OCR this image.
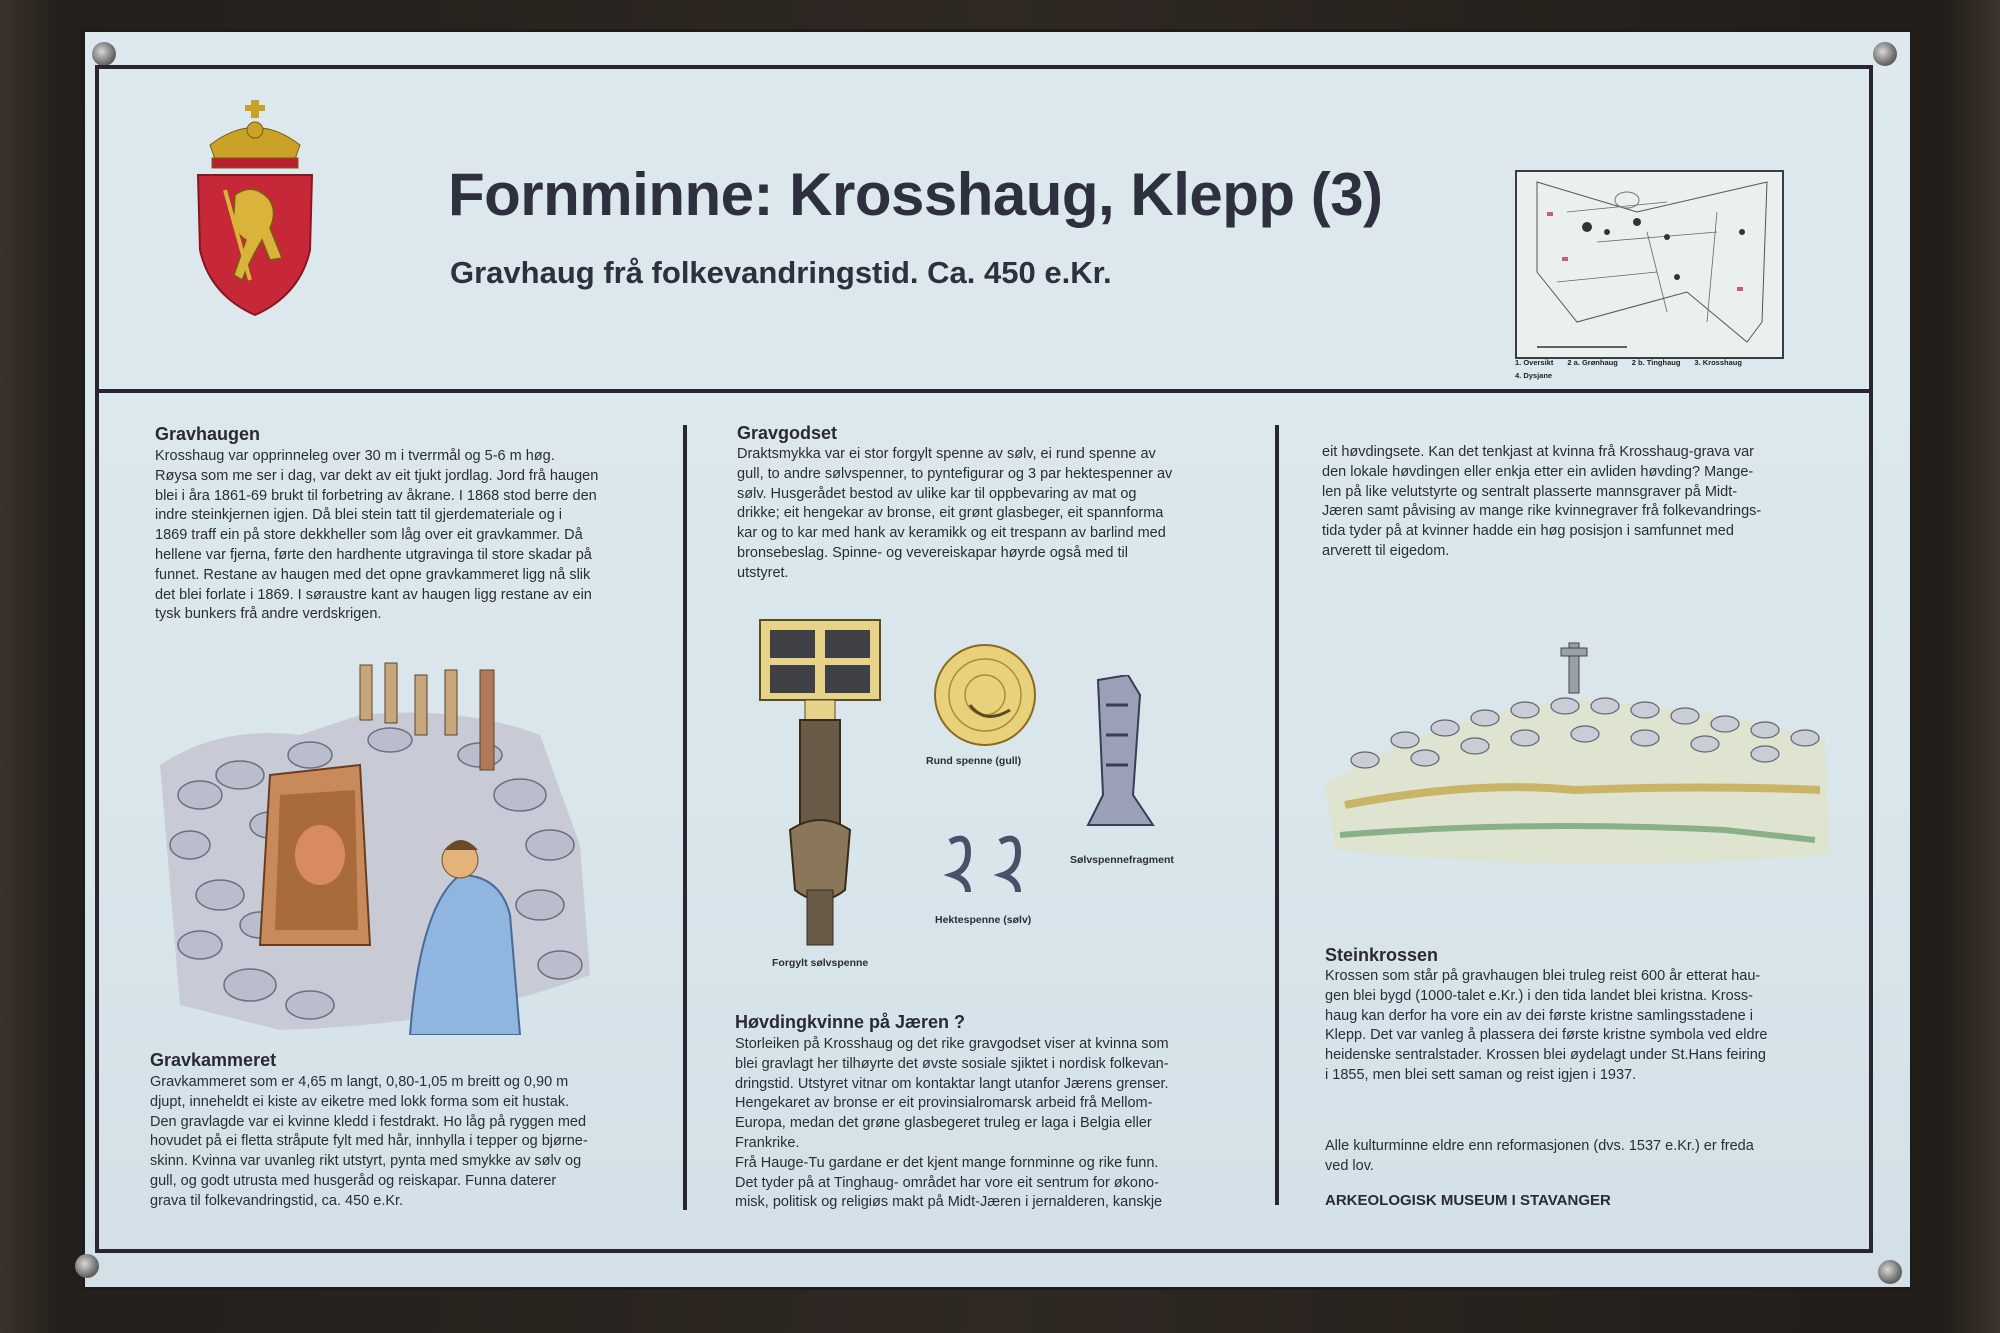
Fornminne: Krosshaug, Klepp (3)
Gravhaug frå folkevandringstid. Ca. 450 e.Kr.
1. Oversikt 2 a. Grønhaug 2 b. Tinghaug 3. Krosshaug
4. Dysjane
Gravhaugen
Krosshaug var opprinneleg over 30 m i tverrmål og 5-6 m høg.
Røysa som me ser i dag, var dekt av eit tjukt jordlag. Jord frå haugen
blei i åra 1861-69 brukt til forbetring av åkrane. I 1868 stod berre den
indre steinkjernen igjen. Då blei stein tatt til gjerdemateriale og i
1869 traff ein på store dekkheller som låg over eit gravkammer. Då
hellene var fjerna, førte den hardhente utgravinga til store skadar på
funnet. Restane av haugen med det opne gravkammeret ligg nå slik
det blei forlate i 1869. I søraustre kant av haugen ligg restane av ein
tysk bunkers frå andre verdskrigen.
Gravkammeret
Gravkammeret som er 4,65 m langt, 0,80-1,05 m breitt og 0,90 m
djupt, inneheldt ei kiste av eiketre med lokk forma som eit hustak.
Den gravlagde var ei kvinne kledd i festdrakt. Ho låg på ryggen med
hovudet på ei fletta stråpute fylt med hår, innhylla i tepper og bjørne-
skinn. Kvinna var uvanleg rikt utstyrt, pynta med smykke av sølv og
gull, og godt utrusta med husgeråd og reiskapar. Funna daterer
grava til folkevandringstid, ca. 450 e.Kr.
Gravgodset
Draktsmykka var ei stor forgylt spenne av sølv, ei rund spenne av
gull, to andre sølvspenner, to pyntefigurar og 3 par hektespenner av
sølv. Husgerådet bestod av ulike kar til oppbevaring av mat og
drikke; eit hengekar av bronse, eit grønt glasbeger, eit spannforma
kar og to kar med hank av keramikk og eit trespann av barlind med
bronsebeslag. Spinne- og vevereiskapar høyrde også med til
utstyret.
Forgylt sølvspenne
Rund spenne (gull)
Sølvspennefragment
Hektespenne (sølv)
Høvdingkvinne på Jæren ?
Storleiken på Krosshaug og det rike gravgodset viser at kvinna som
blei gravlagt her tilhøyrte det øvste sosiale sjiktet i nordisk folkevan-
dringstid. Utstyret vitnar om kontaktar langt utanfor Jærens grenser.
Hengekaret av bronse er eit provinsialromarsk arbeid frå Mellom-
Europa, medan det grøne glasbegeret truleg er laga i Belgia eller
Frankrike.
Frå Hauge-Tu gardane er det kjent mange fornminne og rike funn.
Det tyder på at Tinghaug- området har vore eit sentrum for økono-
misk, politisk og religiøs makt på Midt-Jæren i jernalderen, kanskje
eit høvdingsete. Kan det tenkjast at kvinna frå Krosshaug-grava var
den lokale høvdingen eller enkja etter ein avliden høvding? Mange-
len på like velutstyrte og sentralt plasserte mannsgraver på Midt-
Jæren samt påvising av mange rike kvinnegraver frå folkevandrings-
tida tyder på at kvinner hadde ein høg posisjon i samfunnet med
arverett til eigedom.
Steinkrossen
Krossen som står på gravhaugen blei truleg reist 600 år etterat hau-
gen blei bygd (1000-talet e.Kr.) i den tida landet blei kristna. Kross-
haug kan derfor ha vore ein av dei første kristne samlingsstadene i
Klepp. Det var vanleg å plassera dei første kristne symbola ved eldre
heidenske sentralstader. Krossen blei øydelagt under St.Hans feiring
i 1855, men blei sett saman og reist igjen i 1937.
Alle kulturminne eldre enn reformasjonen (dvs. 1537 e.Kr.) er freda
ved lov.
ARKEOLOGISK MUSEUM I STAVANGER
